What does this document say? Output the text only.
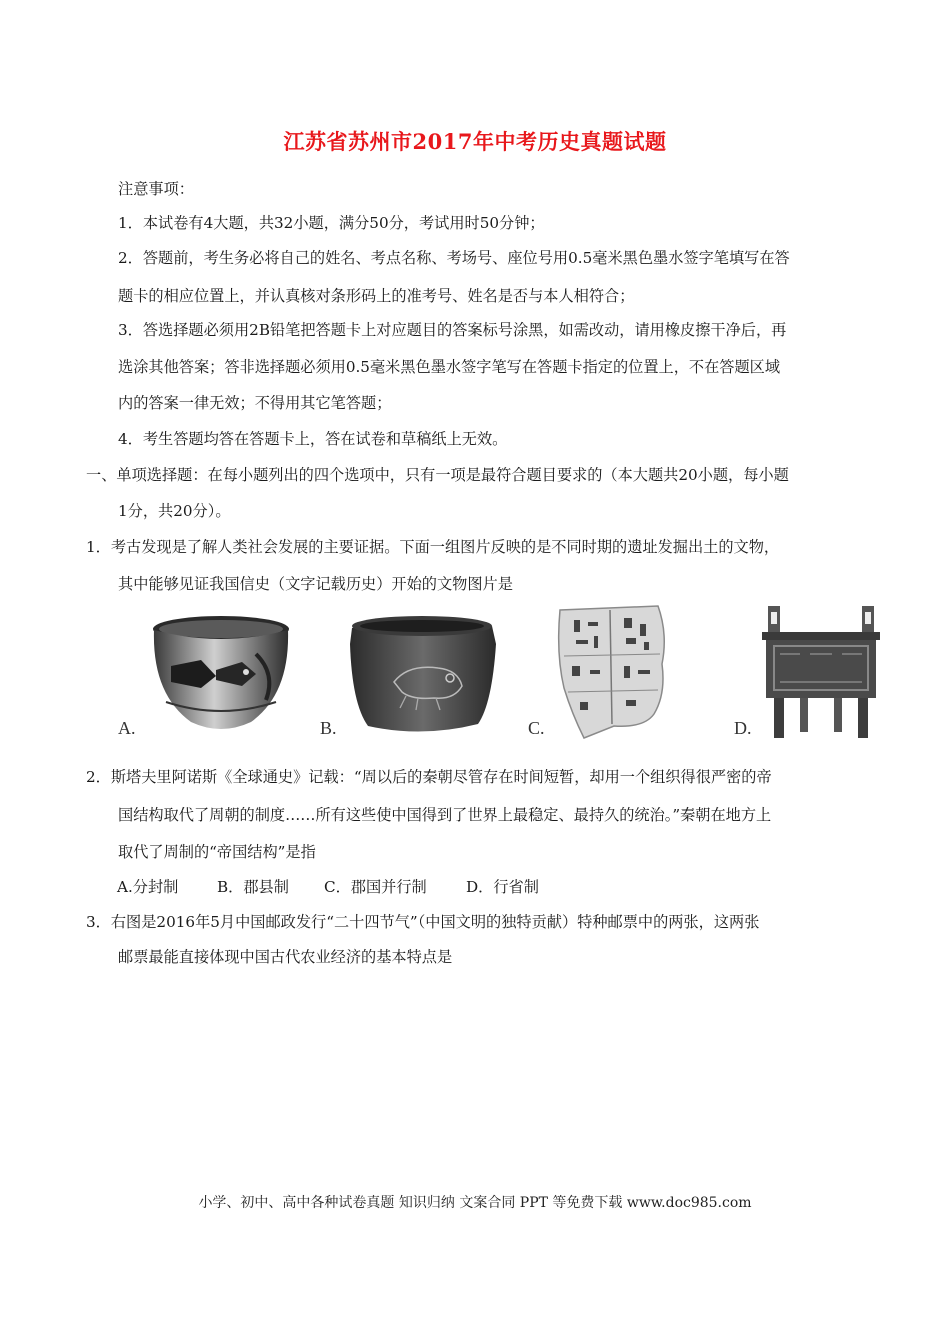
江苏省苏州市2017年中考历史真题试题
注意事项：
1．本试卷有4大题，共32小题，满分50分，考试用时50分钟；
2．答题前，考生务必将自己的姓名、考点名称、考场号、座位号用0.5毫米黑色墨水签字笔填写在答
题卡的相应位置上，并认真核对条形码上的准考号、姓名是否与本人相符合；
3．答选择题必须用2B铅笔把答题卡上对应题目的答案标号涂黑，如需改动，请用橡皮擦干净后，再
选涂其他答案；答非选择题必须用0.5毫米黑色墨水签字笔写在答题卡指定的位置上，不在答题区域
内的答案一律无效；不得用其它笔答题；
4．考生答题均答在答题卡上，答在试卷和草稿纸上无效。
一、单项选择题：在每小题列出的四个选项中，只有一项是最符合题目要求的（本大题共20小题，每小题
1分，共20分）。
1．考古发现是了解人类社会发展的主要证据。下面一组图片反映的是不同时期的遗址发掘出土的文物，
其中能够见证我国信史（文字记载历史）开始的文物图片是
A.	B.	C.	D.
2．斯塔夫里阿诺斯《全球通史》记载：“周以后的秦朝尽管存在时间短暂，却用一个组织得很严密的帝
国结构取代了周朝的制度……所有这些使中国得到了世界上最稳定、最持久的统治。”秦朝在地方上
取代了周制的“帝国结构”是指
A.分封制	B．郡县制 C．郡国并行制	D．行省制
3．右图是2016年5月中国邮政发行“二十四节气”（中国文明的独特贡献）特种邮票中的两张，这两张
邮票最能直接体现中国古代农业经济的基本特点是
小学、初中、高中各种试卷真题 知识归纳 文案合同 PPT 等免费下载 www.doc985.com
